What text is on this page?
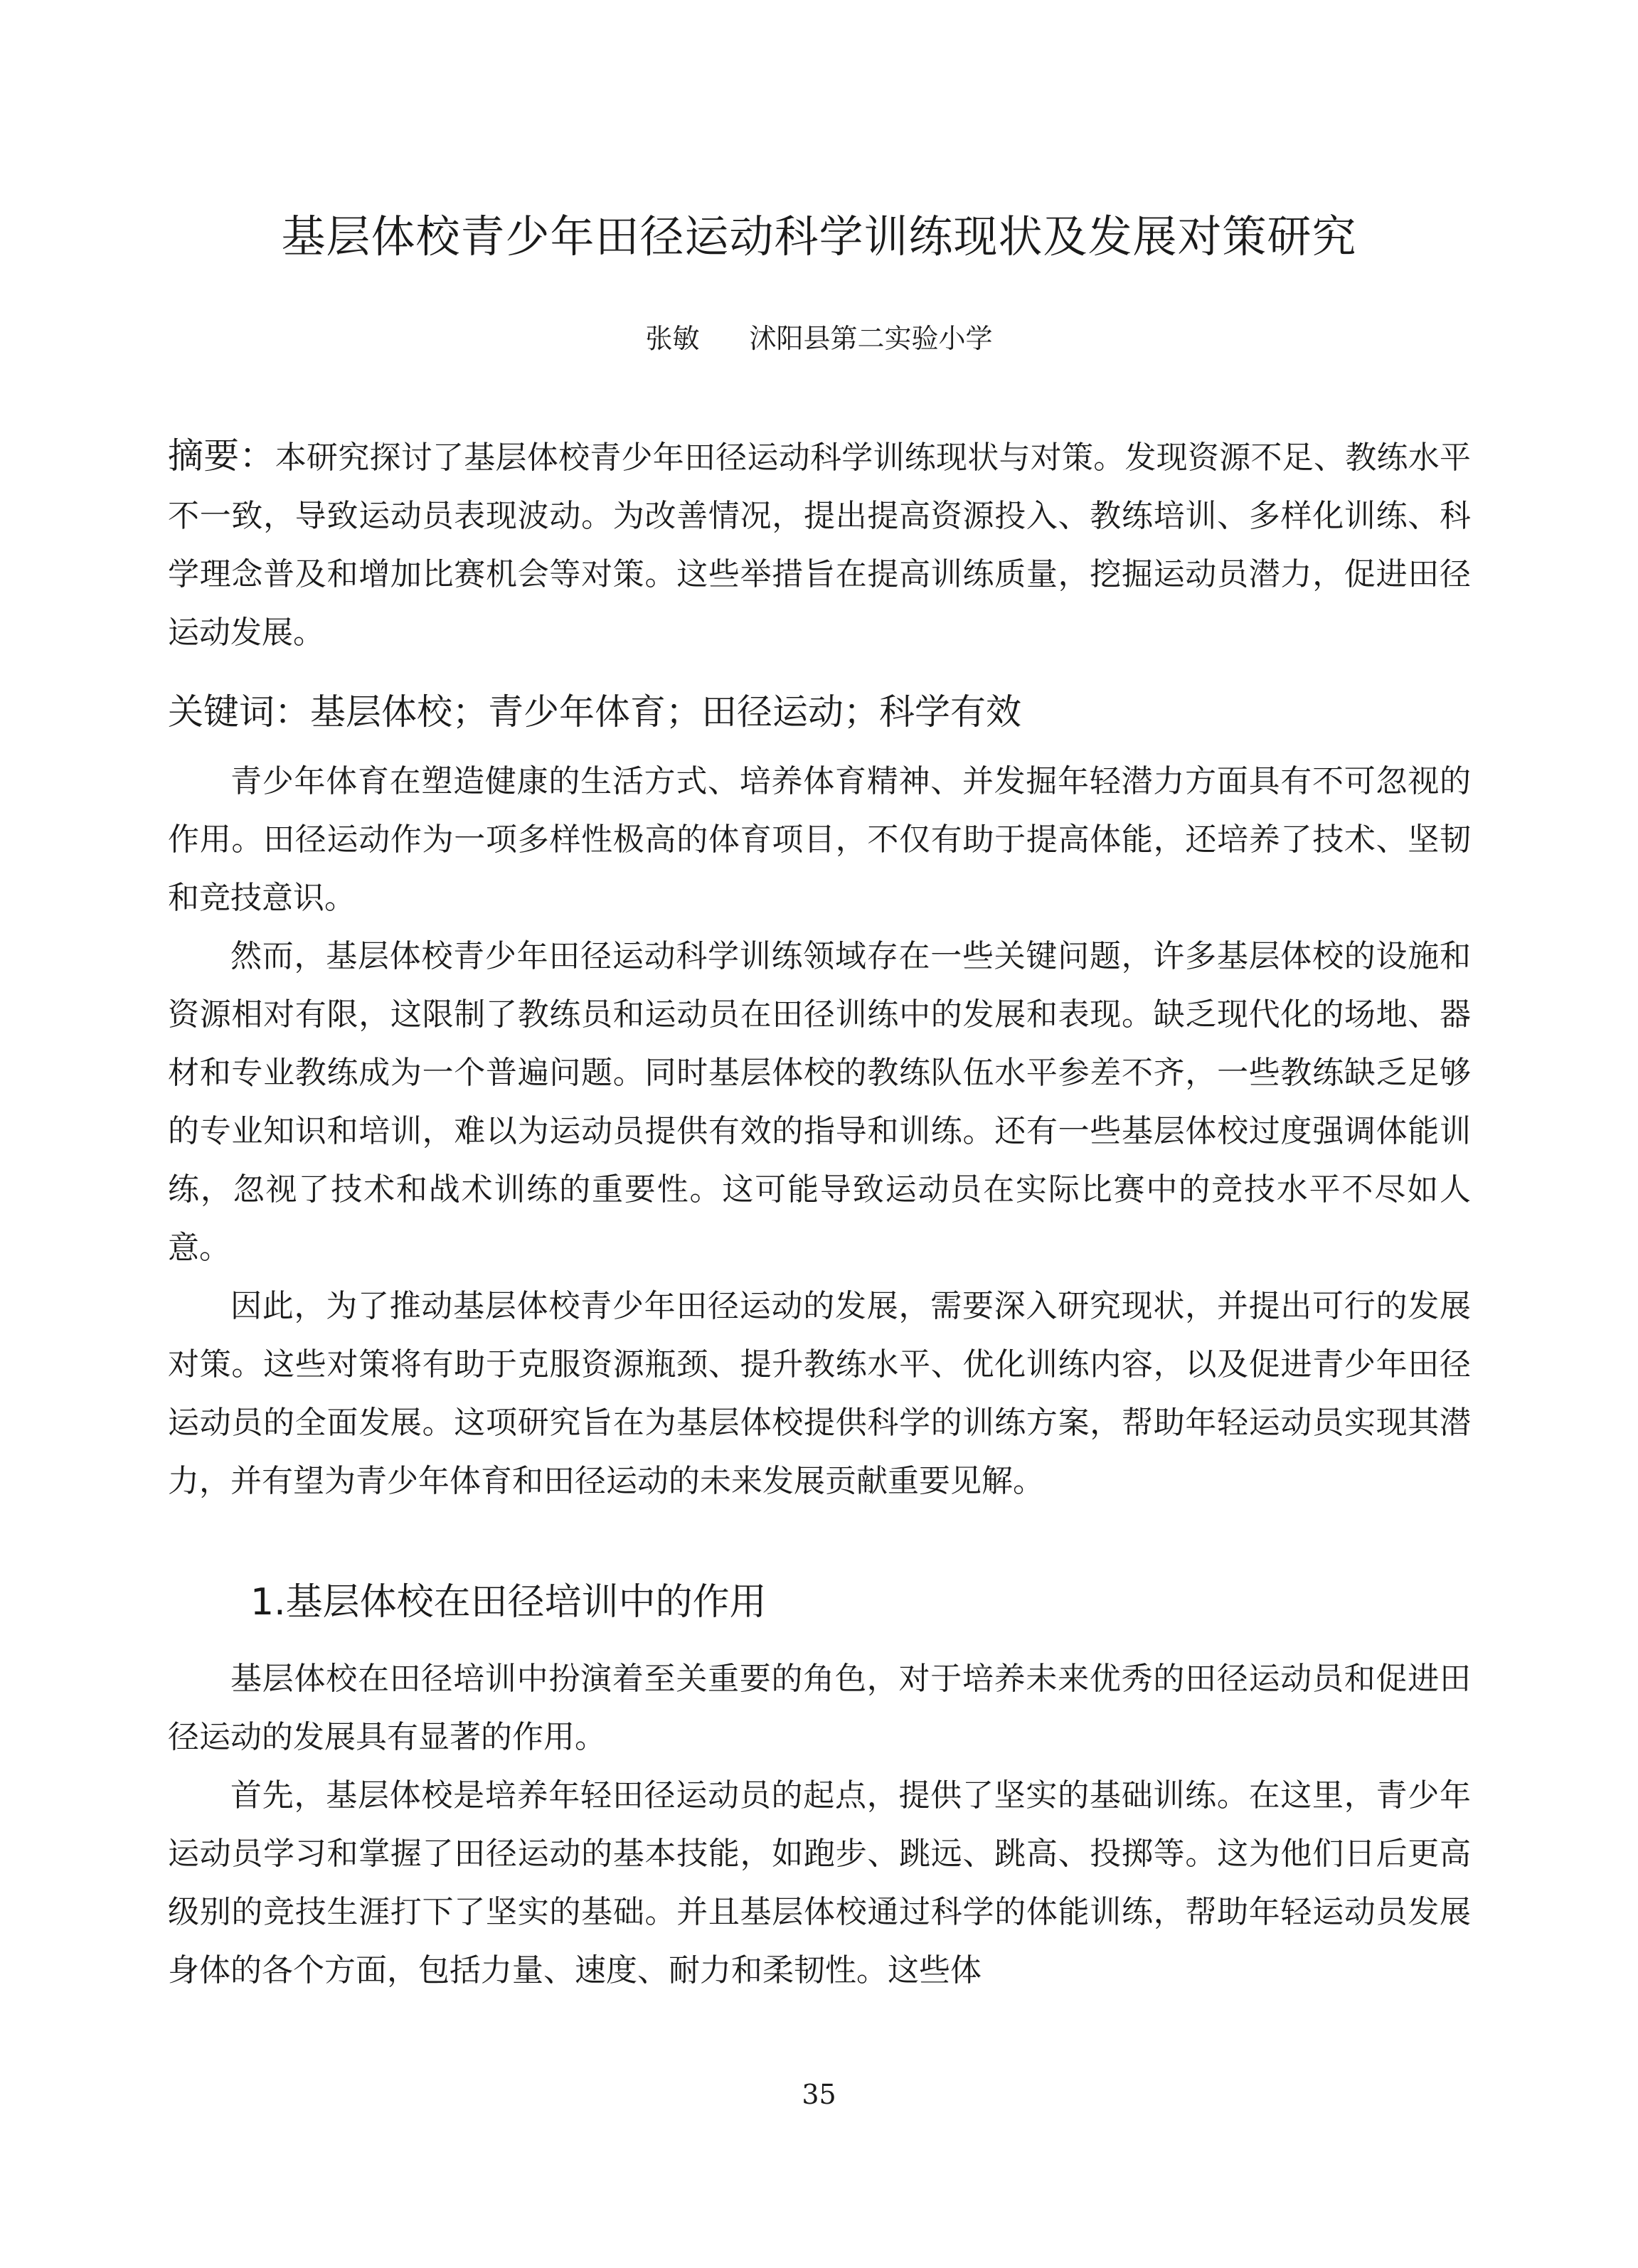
基层体校青少年田径运动科学训练现状及发展对策研究
张敏 沭阳县第二实验小学

摘要：本研究探讨了基层体校青少年田径运动科学训练现状与对策。发现资源不足、教练水平不一致，导致运动员表现波动。为改善情况，提出提高资源投入、教练培训、多样化训练、科学理念普及和增加比赛机会等对策。这些举措旨在提高训练质量，挖掘运动员潜力，促进田径运动发展。

关键词：基层体校；青少年体育；田径运动；科学有效

青少年体育在塑造健康的生活方式、培养体育精神、并发掘年轻潜力方面具有不可忽视的作用。田径运动作为一项多样性极高的体育项目，不仅有助于提高体能，还培养了技术、坚韧和竞技意识。

然而，基层体校青少年田径运动科学训练领域存在一些关键问题，许多基层体校的设施和资源相对有限，这限制了教练员和运动员在田径训练中的发展和表现。缺乏现代化的场地、器材和专业教练成为一个普遍问题。同时基层体校的教练队伍水平参差不齐，一些教练缺乏足够的专业知识和培训，难以为运动员提供有效的指导和训练。还有一些基层体校过度强调体能训练，忽视了技术和战术训练的重要性。这可能导致运动员在实际比赛中的竞技水平不尽如人意。

因此，为了推动基层体校青少年田径运动的发展，需要深入研究现状，并提出可行的发展对策。这些对策将有助于克服资源瓶颈、提升教练水平、优化训练内容，以及促进青少年田径运动员的全面发展。这项研究旨在为基层体校提供科学的训练方案，帮助年轻运动员实现其潜力，并有望为青少年体育和田径运动的未来发展贡献重要见解。

1.基层体校在田径培训中的作用

基层体校在田径培训中扮演着至关重要的角色，对于培养未来优秀的田径运动员和促进田径运动的发展具有显著的作用。

首先，基层体校是培养年轻田径运动员的起点，提供了坚实的基础训练。在这里，青少年运动员学习和掌握了田径运动的基本技能，如跑步、跳远、跳高、投掷等。这为他们日后更高级别的竞技生涯打下了坚实的基础。并且基层体校通过科学的体能训练，帮助年轻运动员发展身体的各个方面，包括力量、速度、耐力和柔韧性。这些体

35
